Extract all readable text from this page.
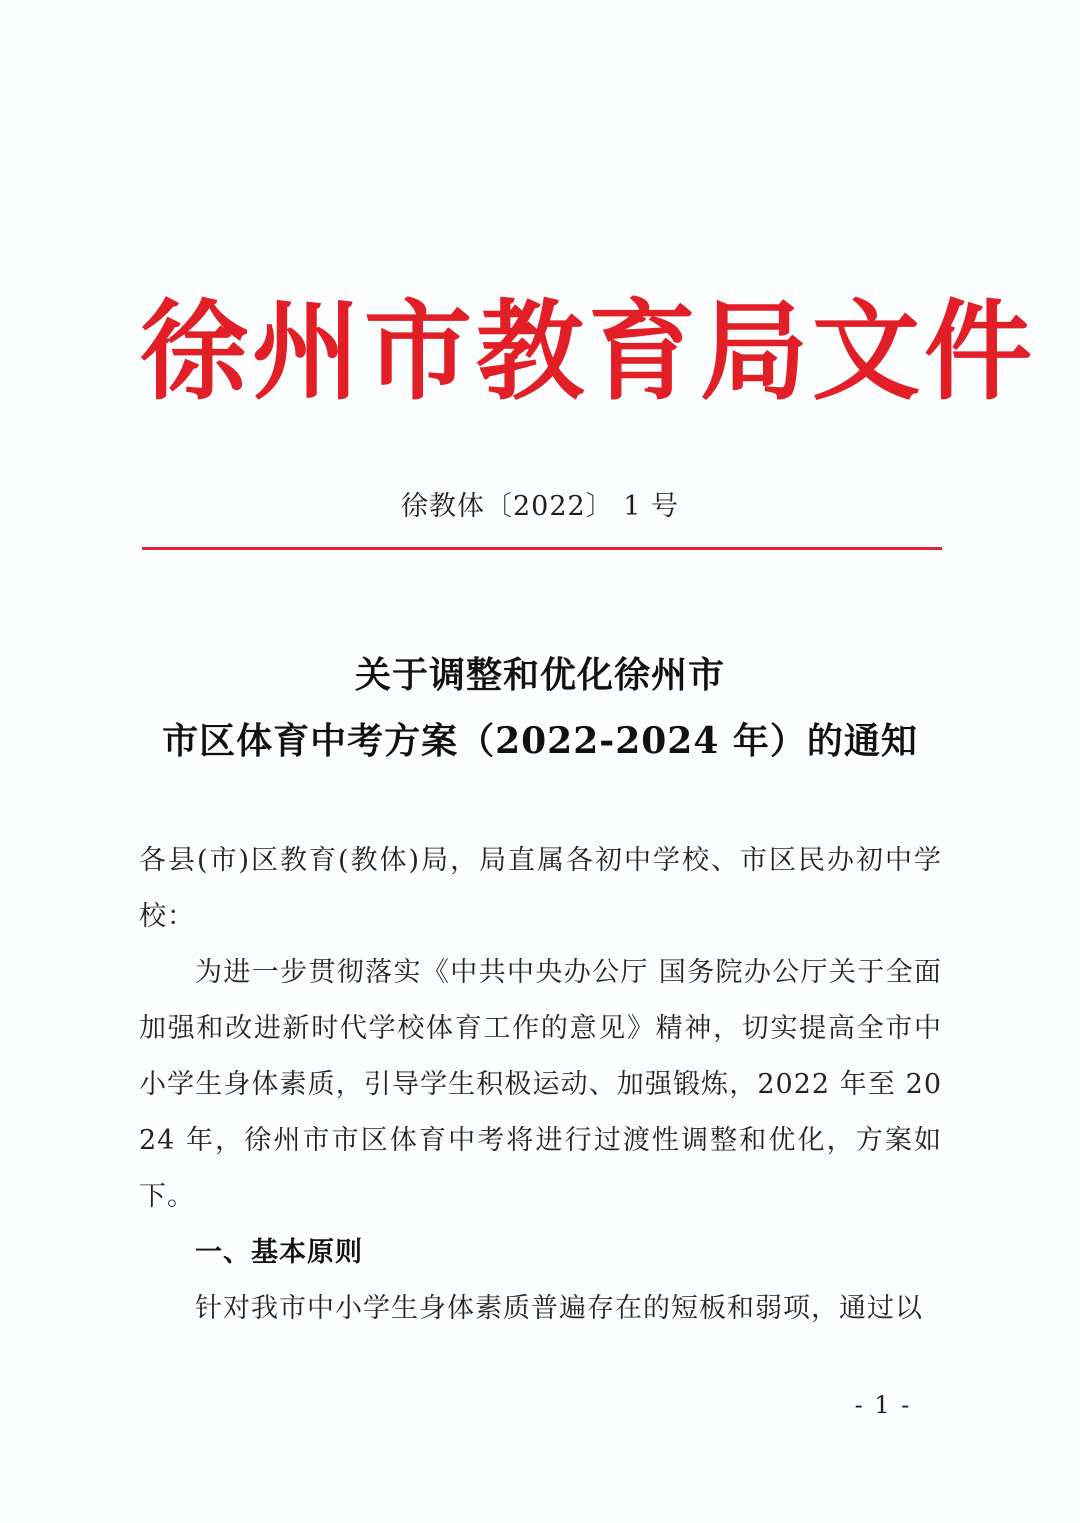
徐州市教育局文件
徐教体〔2022〕 1 号
关于调整和优化徐州市
市区体育中考方案（2022-2024 年）的通知

各县(市)区教育(教体)局，局直属各初中学校、市区民办初中学校：

为进一步贯彻落实《中共中央办公厅 国务院办公厅关于全面加强和改进新时代学校体育工作的意见》精神，切实提高全市中小学生身体素质，引导学生积极运动、加强锻炼，2022 年至 2024 年，徐州市市区体育中考将进行过渡性调整和优化，方案如下。

一、基本原则

针对我市中小学生身体素质普遍存在的短板和弱项，通过以

- 1 -
